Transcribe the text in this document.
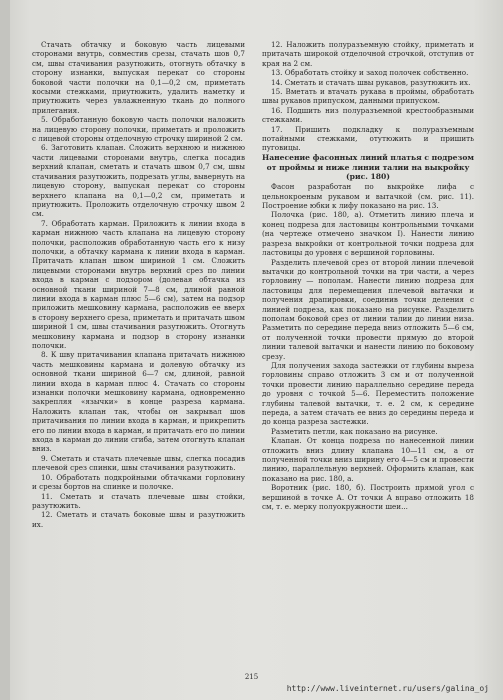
Стачать обтачку и боковую часть лицевыми сторонами внутрь, совместив срезы, стачать шов 0,7 см, швы стачивания разутюжить, отогнуть обтачку в сторону изнанки, выпуская перекат со стороны боковой части полочки на 0,1—0,2 см, приметать косыми стежками, приутюжить, удалить наметку и приутюжить через увлажненную ткань до полного прилегания.

5. Обработанную боковую часть полочки наложить на лицевую сторону полочки, приметать и проложить с лицевой стороны отделочную строчку шириной 2 см.

6. Заготовить клапан. Сложить верхнюю и нижнюю части лицевыми сторонами внутрь, слегка посадив верхний клапан, сметать и стачать швом 0,7 см, швы стачивания разутюжить, подрезать углы, вывернуть на лицевую сторону, выпуская перекат со стороны верхнего клапана на 0,1—0,2 см, приметать и приутюжить. Проложить отделочную строчку швом 2 см.

7. Обработать карман. Приложить к линии входа в карман нижнюю часть клапана на лицевую сторону полочки, расположив обработанную часть его к низу полочки, а обтачку кармана к линии входа в карман. Притачать клапан швом шириной 1 см. Сложить лицевыми сторонами внутрь верхний срез по линии входа в карман с подзором (долевая обтачка из основной ткани шириной 7—8 см, длиной равной линии входа в карман плюс 5—6 см), затем на подзор приложить мешковину кармана, расположив ее вверх в сторону верхнего среза, приметать и притачать швом шириной 1 см, швы стачивания разутюжить. Отогнуть мешковину кармана и подзор в сторону изнанки полочки.

8. К шву притачивания клапана притачать нижнюю часть мешковины кармана и долевую обтачку из основной ткани шириной 6—7 см, длиной, равной линии входа в карман плюс 4. Стачать со стороны изнанки полочки мешковину кармана, одновременно закрепляя «язычки» в конце разреза кармана. Наложить клапан так, чтобы он закрывал шов притачивания по линии входа в карман, и прикрепить его по линии входа в карман, и притачать его по линии входа в карман до линии сгиба, затем отогнуть клапан вниз.

9. Сметать и стачать плечевые швы, слегка посадив плечевой срез спинки, швы стачивания разутюжить.

10. Обработать подкройными обтачками горловину и срезы бортов на спинке и полочке.

11. Сметать и стачать плечевые швы стойки, разутюжить.

12. Сметать и стачать боковые швы и разутюжить их.

12. Наложить полуразъемную стойку, приметать и притачать широкой отделочной строчкой, отступив от края на 2 см.

13. Обработать стойку и заход полочек собственно.

14. Сметать и стачать швы рукавов, разутюжить их.

15. Вметать и втачать рукава в проймы, обработать швы рукавов припуском, данными припуском.

16. Подшить низ полуразъемной крестообразными стежками.

17. Пришить подкладку к полуразъемным потайными стежками, отутюжить и пришить пуговицы.

Нанесение фасонных линий платья с подрезом от проймы и ниже линии талии на выкройку (рис. 180)

Фасон разработан по выкройке лифа с цельнокроеным рукавом и вытачкой (см. рис. 11). Построение юбки к лифу показано на рис. 13.

Полочка (рис. 180, а). Отметить линию плеча и конец подреза для ластовицы контрольными точками (на чертеже отмечено значком I). Нанести линию разреза выкройки от контрольной точки подреза для ластовицы до уровня с вершиной горловины.

Разделить плечевой срез от второй линии плечевой вытачки до контрольной точки на три части, а через горловину — пополам. Нанести линию подреза для ластовицы для перемещения плечевой вытачки и получения драпировки, соединив точки деления с линией подреза, как показано на рисунке. Разделить пополам боковой срез от линии талии до линии низа. Разметить по середине переда вниз отложить 5—6 см, от полученной точки провести прямую до второй линии талевой вытачки и нанести линию по боковому срезу.

Для получения захода застежки от глубины выреза горловины справо отложить 3 см и от полученной точки провести линию параллельно середине переда до уровня с точкой 5—6. Переместить положение глубины талевой вытачки, т. е. 2 см, к середине переда, а затем стачать ее вниз до середины переда и до конца разреза застежки.

Разметить петли, как показано на рисунке.

Клапан. От конца подреза по нанесенной линии отложить вниз длину клапана 10—11 см, а от полученной точки вниз ширину его 4—5 см и провести линию, параллельную верхней. Оформить клапан, как показано на рис. 180, а.

Воротник (рис. 180, б). Построить прямой угол с вершиной в точке А. От точки А вправо отложить 18 см, т. е. мерку полуокружности шеи...

215
http://www.liveinternet.ru/users/galina_oj
